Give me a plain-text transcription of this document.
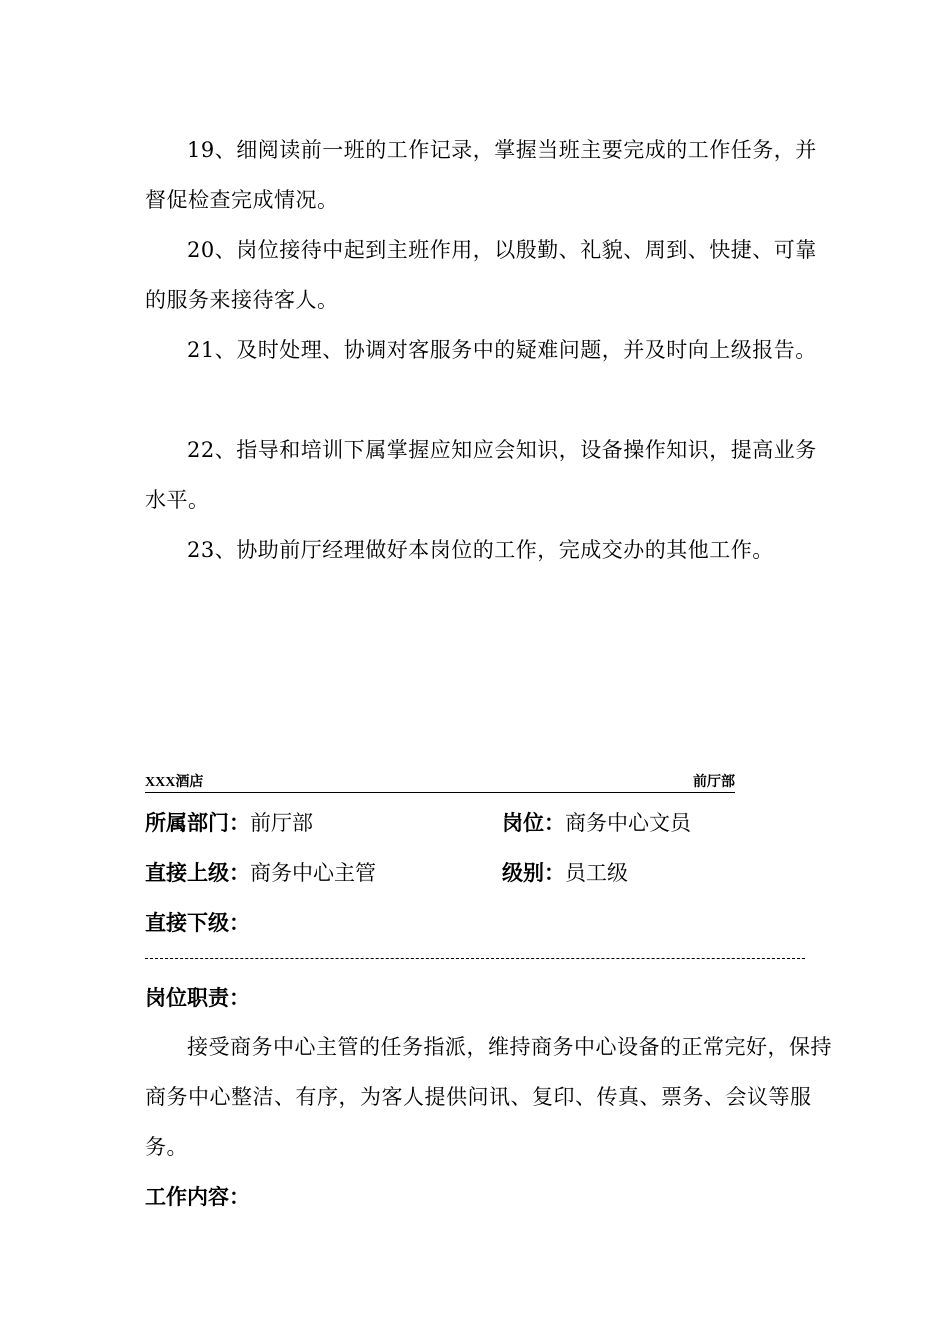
19、细阅读前一班的工作记录，掌握当班主要完成的工作任务，并督促检查完成情况。

20、岗位接待中起到主班作用，以殷勤、礼貌、周到、快捷、可靠的服务来接待客人。

21、及时处理、协调对客服务中的疑难问题，并及时向上级报告。

22、指导和培训下属掌握应知应会知识，设备操作知识，提高业务水平。

23、协助前厅经理做好本岗位的工作，完成交办的其他工作。

XXX酒店	前厅部
所属部门：前厅部	岗位：商务中心文员
直接上级：商务中心主管	级别：员工级
直接下级：

岗位职责：

接受商务中心主管的任务指派，维持商务中心设备的正常完好，保持商务中心整洁、有序，为客人提供问讯、复印、传真、票务、会议等服务。

工作内容：
